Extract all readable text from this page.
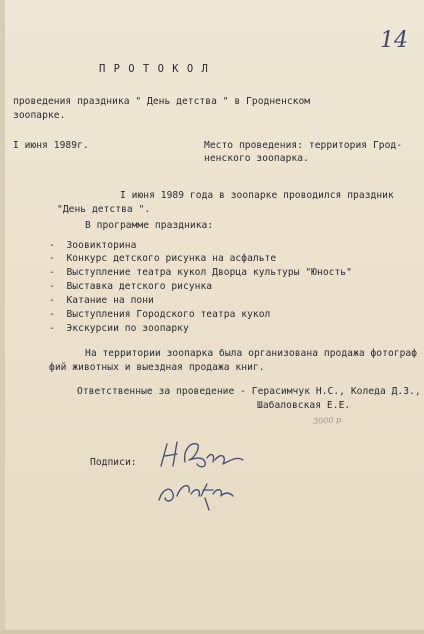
14
П Р О Т О К О Л
проведения праздника " День детства " в Гродненском
зоопарке.
I июня 1989г.	Место проведения: территория Грод-
ненского зоопарка.
I июня 1989 года в зоопарке проводился праздник
"День детства ".
В программе праздника:
-  Зоовикторина
-  Конкурс детского рисунка на асфальте
-  Выступление театра кукол Дворца культуры "Юность"
-  Выставка детского рисунка
-  Катание на пони
-  Выступления Городского театра кукол
-  Экскурсии по зоопарку
На территории зоопарка была организована продажа фотограф
фий животных и выездная продажа книг.
Ответственные за проведение - Герасимчук Н.С., Коледа Д.З.,
Шабаловская Е.Е.
3000 р.
Подписи:
